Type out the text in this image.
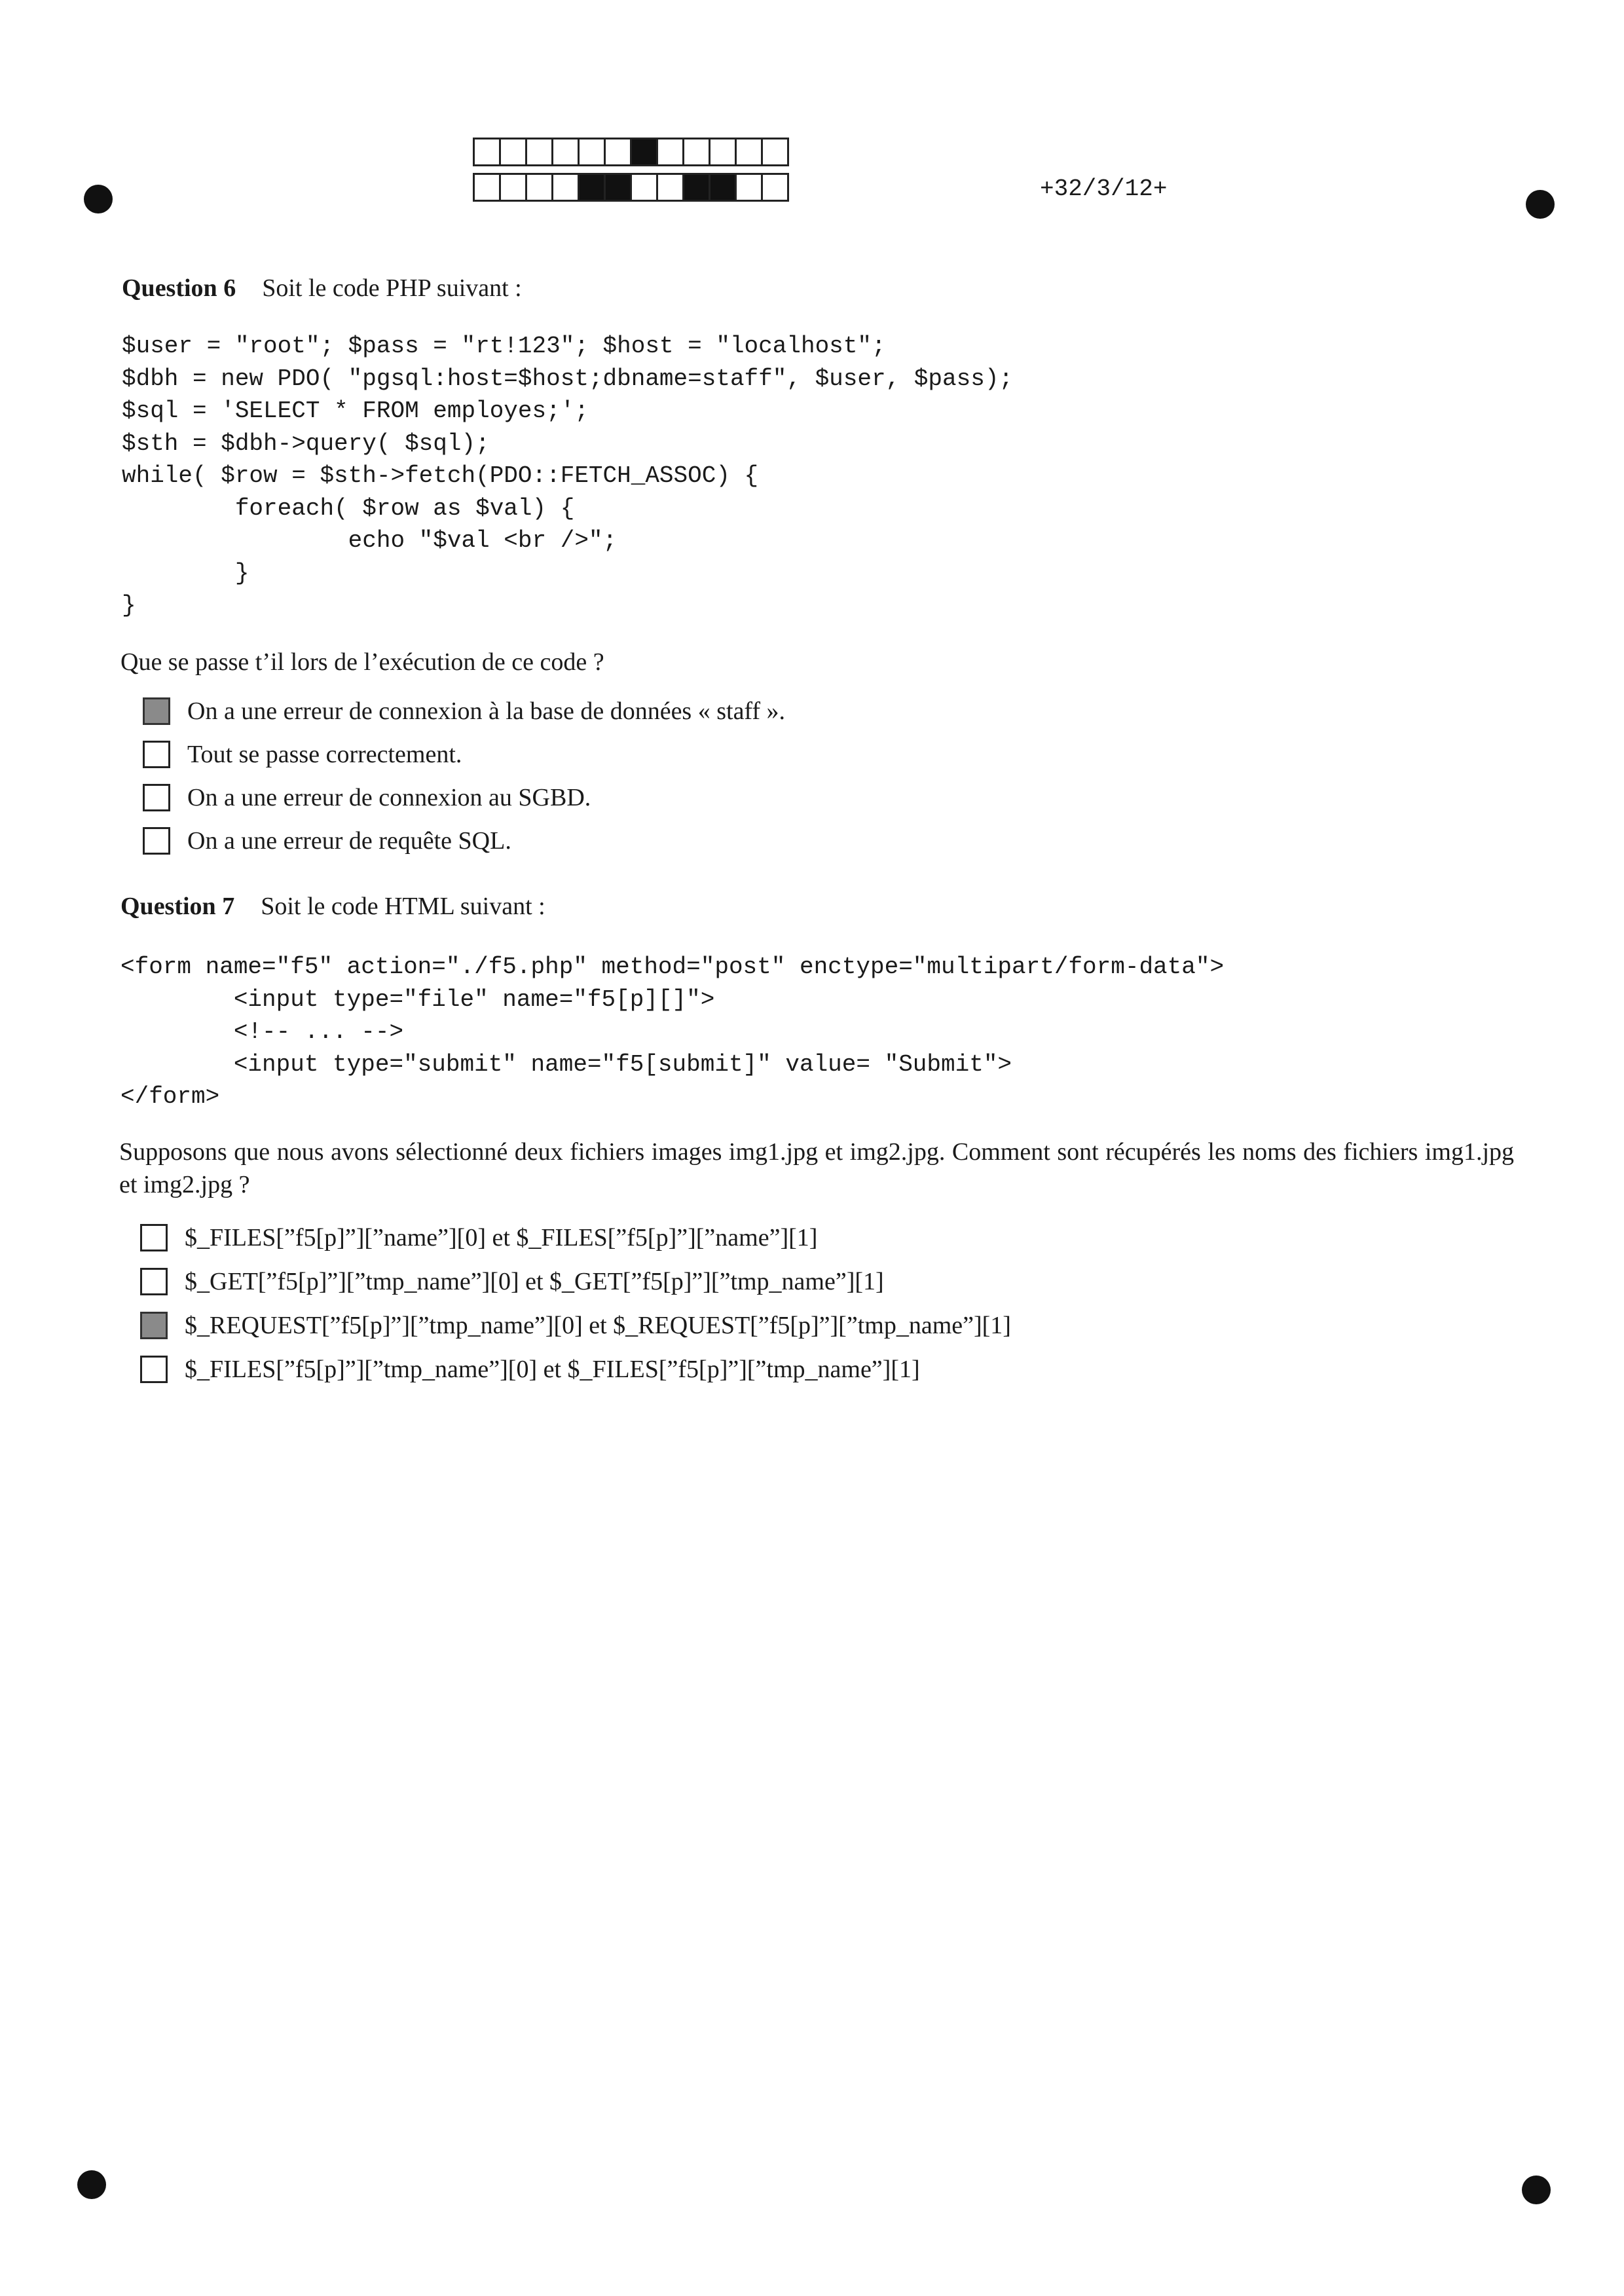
+32/3/12+
Question 6 Soit le code PHP suivant :
$user = "root"; $pass = "rt!123"; $host = "localhost";
$dbh = new PDO( "pgsql:host=$host;dbname=staff", $user, $pass);
$sql = 'SELECT * FROM employes;';
$sth = $dbh->query( $sql);
while( $row = $sth->fetch(PDO::FETCH_ASSOC) {
foreach( $row as $val) {
echo "$val <br />";
}
}
Que se passe t’il lors de l’exécution de ce code ?
On a une erreur de connexion à la base de données « staff ».
Tout se passe correctement.
On a une erreur de connexion au SGBD.
On a une erreur de requête SQL.
Question 7 Soit le code HTML suivant :
<form name="f5" action="./f5.php" method="post" enctype="multipart/form-data">
<input type="file" name="f5[p][]">
<!-- ... -->
<input type="submit" name="f5[submit]" value= "Submit">
</form>
Supposons que nous avons sélectionné deux fichiers images img1.jpg et img2.jpg. Comment sont récupérés les noms des fichiers img1.jpg et img2.jpg ?
$_FILES[”f5[p]”][”name”][0] et $_FILES[”f5[p]”][”name”][1]
$_GET[”f5[p]”][”tmp_name”][0] et $_GET[”f5[p]”][”tmp_name”][1]
$_REQUEST[”f5[p]”][”tmp_name”][0] et $_REQUEST[”f5[p]”][”tmp_name”][1]
$_FILES[”f5[p]”][”tmp_name”][0] et $_FILES[”f5[p]”][”tmp_name”][1]
